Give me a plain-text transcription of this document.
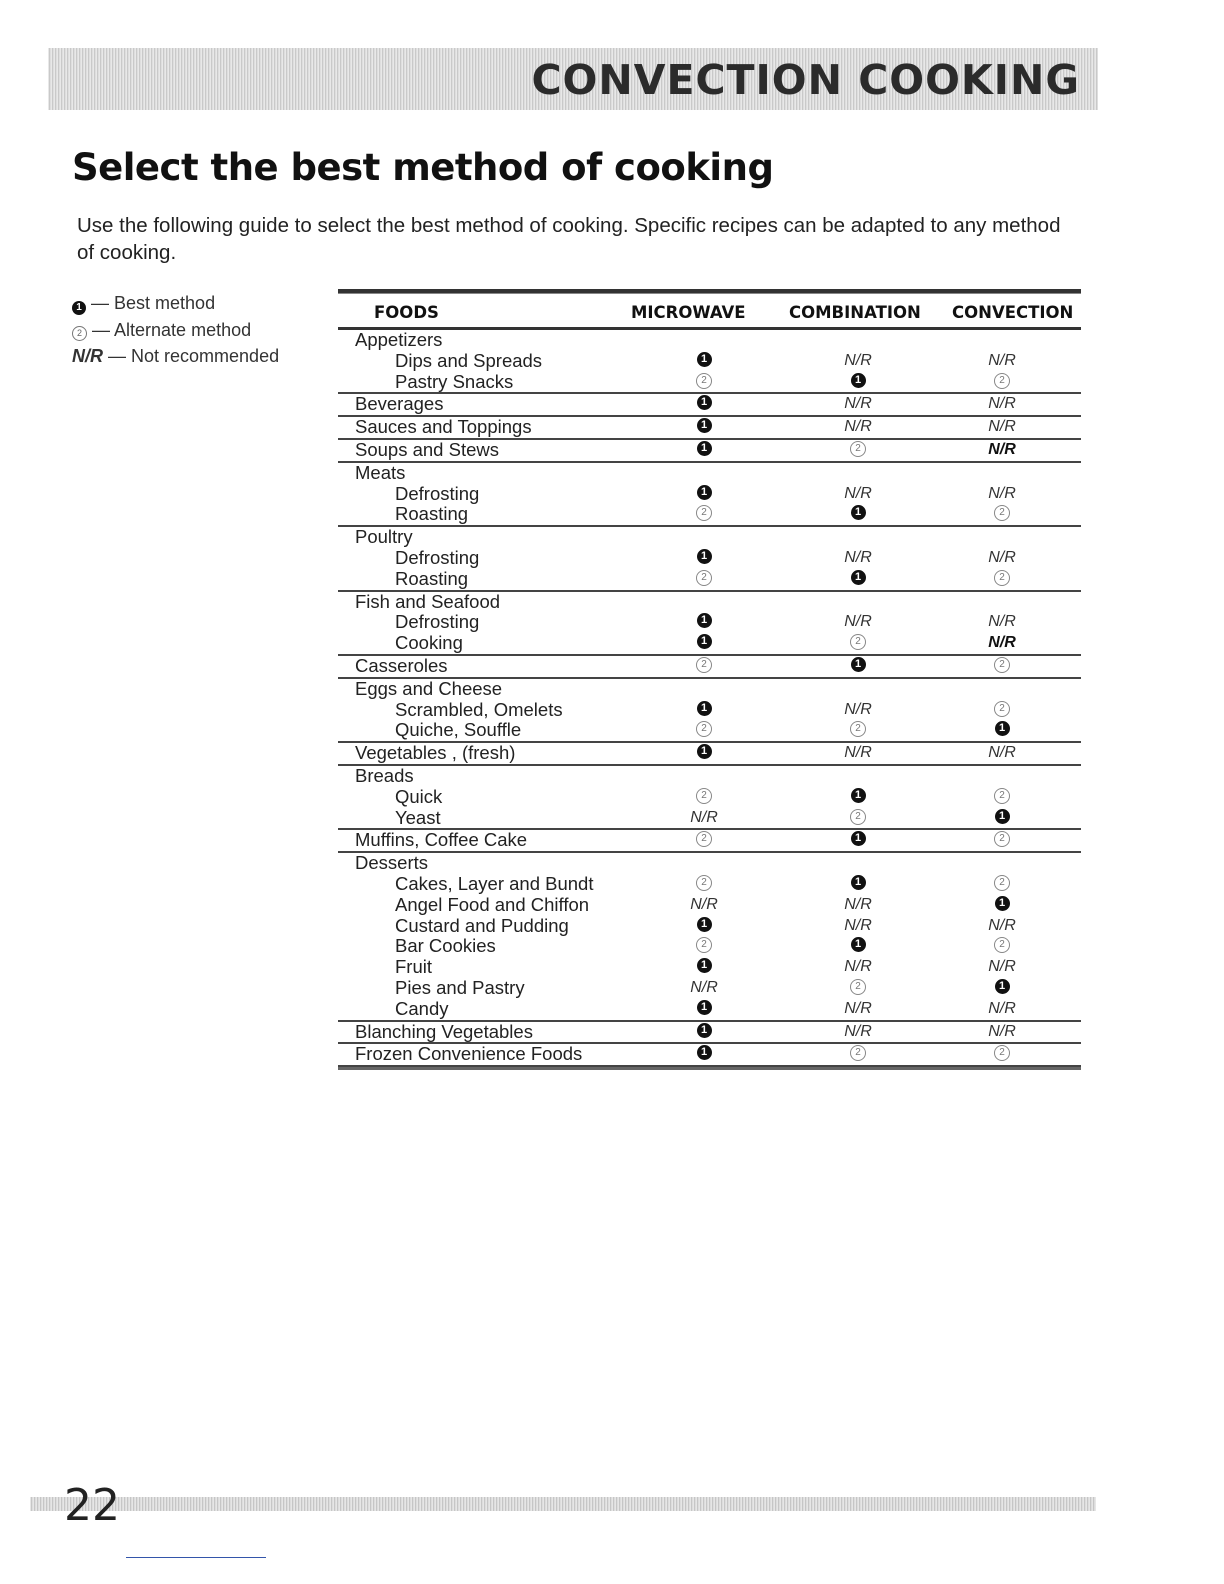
CONVECTION COOKING
Select the best method of cooking
Use the following guide to select the best method of cooking. Specific recipes can be adapted to any method of cooking.
1 — Best method
2 — Alternate method
N/R — Not recommended
FOODS	MICROWAVE	COMBINATION CONVECTION
Appetizers
Dips and Spreads
Pastry Snacks
Beverages
Sauces and Toppings
Soups and Stews
Meats
Defrosting
Roasting
Poultry
Defrosting
Roasting
Fish and Seafood
Defrosting
Cooking
Casseroles
Eggs and Cheese
Scrambled, Omelets
Quiche, Souffle
Vegetables , (fresh)
Breads
Quick
Yeast
Muffins, Coffee Cake
Desserts
Cakes, Layer and Bundt
Angel Food and Chiffon
Custard and Pudding
Bar Cookies
Fruit
Pies and Pastry
Candy
Blanching Vegetables
Frozen Convenience Foods
22
